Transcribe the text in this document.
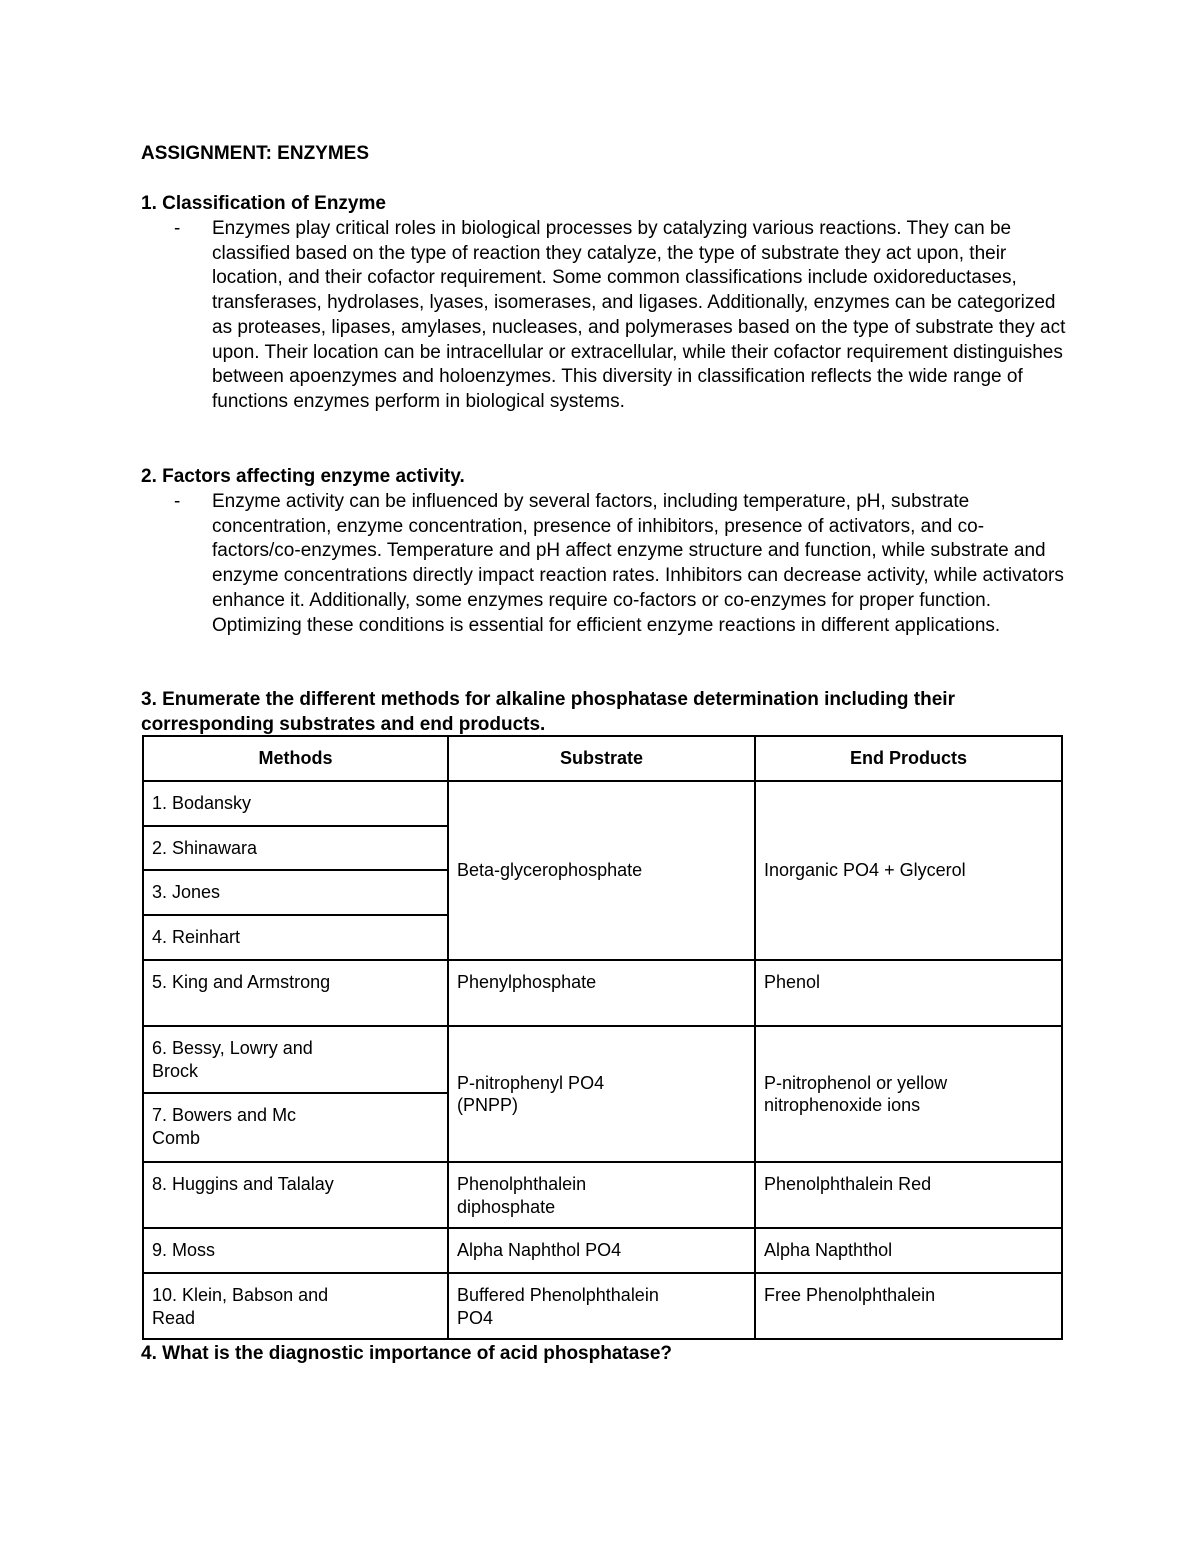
ASSIGNMENT: ENZYMES
1. Classification of Enzyme
- Enzymes play critical roles in biological processes by catalyzing various reactions. They can be classified based on the type of reaction they catalyze, the type of substrate they act upon, their location, and their cofactor requirement. Some common classifications include oxidoreductases, transferases, hydrolases, lyases, isomerases, and ligases. Additionally, enzymes can be categorized as proteases, lipases, amylases, nucleases, and polymerases based on the type of substrate they act upon. Their location can be intracellular or extracellular, while their cofactor requirement distinguishes between apoenzymes and holoenzymes. This diversity in classification reflects the wide range of functions enzymes perform in biological systems.
2. Factors affecting enzyme activity.
- Enzyme activity can be influenced by several factors, including temperature, pH, substrate concentration, enzyme concentration, presence of inhibitors, presence of activators, and co-factors/co-enzymes. Temperature and pH affect enzyme structure and function, while substrate and enzyme concentrations directly impact reaction rates. Inhibitors can decrease activity, while activators enhance it. Additionally, some enzymes require co-factors or co-enzymes for proper function. Optimizing these conditions is essential for efficient enzyme reactions in different applications.
3. Enumerate the different methods for alkaline phosphatase determination including their corresponding substrates and end products.
Methods	Substrate	End Products
1. Bodansky	Beta-glycerophosphate	Inorganic PO4 + Glycerol
2. Shinawara		
3. Jones		
4. Reinhart		
5. King and Armstrong	Phenylphosphate	Phenol
6. Bessy, Lowry and Brock	P-nitrophenyl PO4 (PNPP)	P-nitrophenol or yellow nitrophenoxide ions
7. Bowers and Mc Comb		
8. Huggins and Talalay	Phenolphthalein diphosphate	Phenolphthalein Red
9. Moss	Alpha Naphthol PO4	Alpha Napththol
10. Klein, Babson and Read	Buffered Phenolphthalein PO4	Free Phenolphthalein
4. What is the diagnostic importance of acid phosphatase?
